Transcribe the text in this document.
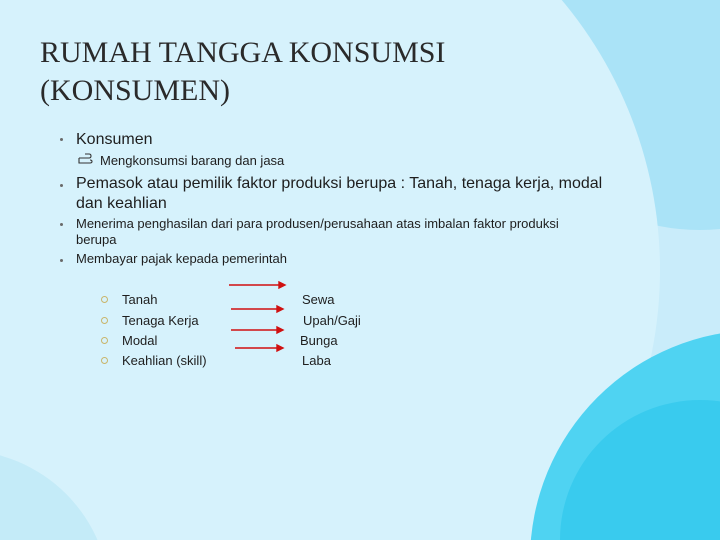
RUMAH TANGGA KONSUMSI
(KONSUMEN)
Konsumen
Mengkonsumsi barang dan jasa
Pemasok atau pemilik faktor produksi berupa : Tanah, tenaga kerja, modal
dan keahlian
Menerima penghasilan dari para produsen/perusahaan atas imbalan faktor produksi
berupa
Membayar pajak kepada pemerintah
Tanah
Tenaga Kerja
Modal
Keahlian (skill)
Sewa
Upah/Gaji
Bunga
Laba
